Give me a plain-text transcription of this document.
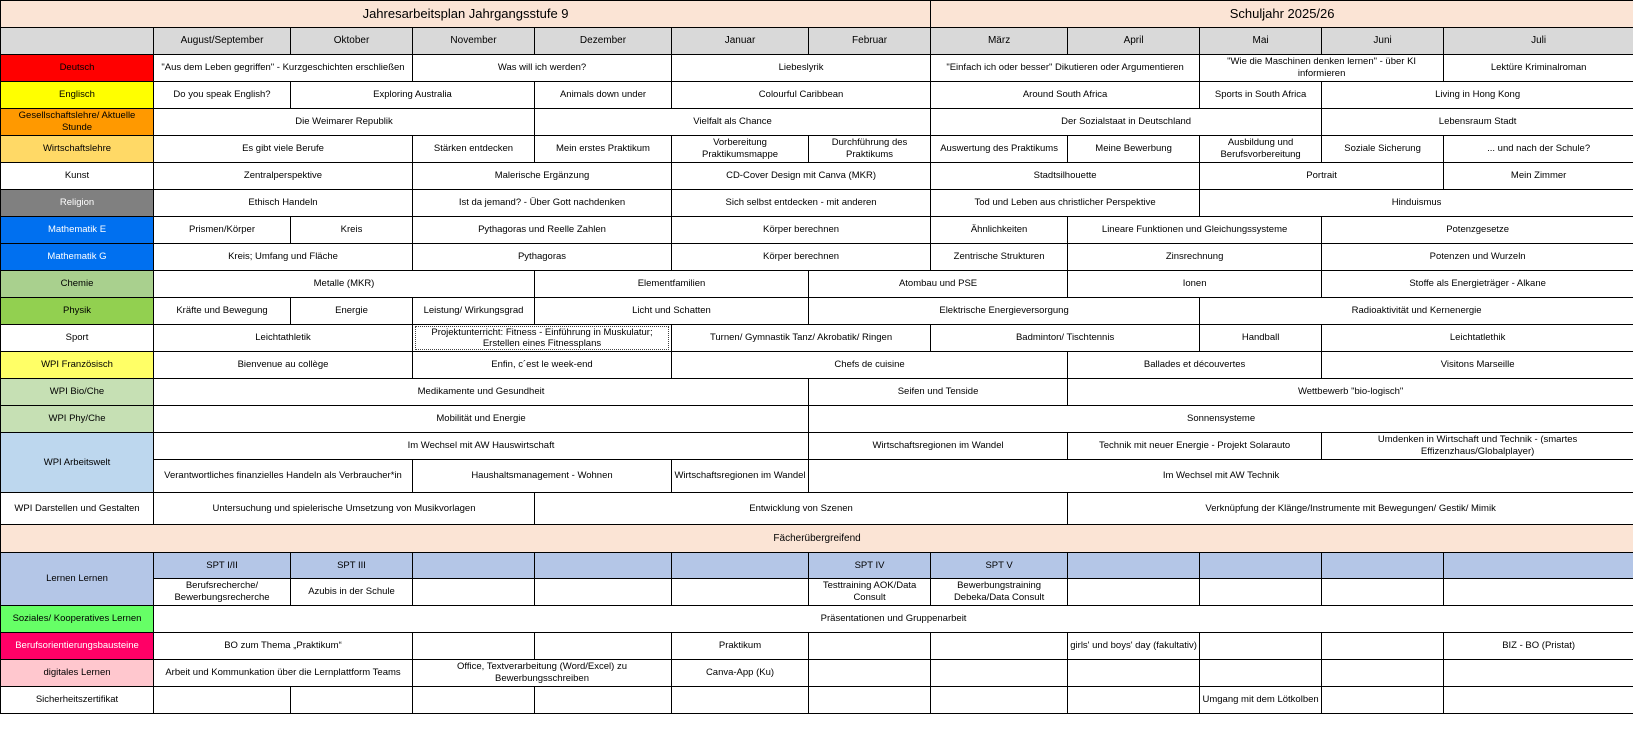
Jahresarbeitsplan Jahrgangsstufe 9							Schuljahr 2025/26				
	August/September	Oktober	November	Dezember	Januar	Februar	März	April	Mai	Juni	Juli
Deutsch	"Aus dem Leben gegriffen" - Kurzgeschichten erschließen		Was will ich werden?		Liebeslyrik		"Einfach ich oder besser" Dikutieren oder Argumentieren		"Wie die Maschinen denken lernen" - über KI informieren		Lektüre Kriminalroman
Englisch	Do you speak English?	Exploring Australia		Animals down under	Colourful Caribbean		Around South Africa		Sports in South Africa	Living in Hong Kong	
Gesellschaftslehre/ Aktuelle Stunde	Die Weimarer Republik			Vielfalt als Chance			Der Sozialstaat in Deutschland			Lebensraum Stadt	
Wirtschaftslehre	Es gibt viele Berufe		Stärken entdecken	Mein erstes Praktikum	Vorbereitung Praktikumsmappe	Durchführung des Praktikums	Auswertung des Praktikums	Meine Bewerbung	Ausbildung und Berufsvorbereitung	Soziale Sicherung	... und nach der Schule?
Kunst	Zentralperspektive		Malerische Ergänzung		CD-Cover Design mit Canva (MKR)		Stadtsilhouette		Portrait		Mein Zimmer
Religion	Ethisch Handeln		Ist da jemand? - Über Gott nachdenken		Sich selbst entdecken - mit anderen		Tod und Leben aus christlicher Perspektive		Hinduismus		
Mathematik E	Prismen/Körper	Kreis	Pythagoras und Reelle Zahlen		Körper berechnen		Ähnlichkeiten	Lineare Funktionen und Gleichungssysteme		Potenzgesetze	
Mathematik G	Kreis; Umfang und Fläche		Pythagoras		Körper berechnen		Zentrische Strukturen	Zinsrechnung		Potenzen und Wurzeln	
Chemie	Metalle (MKR)			Elementfamilien		Atombau und PSE		Ionen		Stoffe als Energieträger - Alkane	
Physik	Kräfte und Bewegung	Energie	Leistung/ Wirkungsgrad	Licht und Schatten		Elektrische Energieversorgung			Radioaktivität und Kernenergie		
Sport	Leichtathletik		Projektunterricht: Fitness - Einführung in Muskulatur; Erstellen eines Fitnessplans		Turnen/ Gymnastik Tanz/ Akrobatik/ Ringen		Badminton/ Tischtennis		Handball	Leichtatlethik	
WPI Französisch	Bienvenue au collège		Enfin, c´est le week-end		Chefs de cuisine			Ballades et découvertes		Visitons Marseille	
WPI Bio/Che	Medikamente und Gesundheit					Seifen und Tenside		Wettbewerb "bio-logisch"			
WPI Phy/Che	Mobilität und Energie					Sonnensysteme					
WPI Arbeitswelt	Im Wechsel mit AW Hauswirtschaft					Wirtschaftsregionen im Wandel		Technik mit neuer Energie - Projekt Solarauto		Umdenken in Wirtschaft und Technik - (smartes Effizenzhaus/Globalplayer)	
	Verantwortliches finanzielles Handeln als Verbraucher*in		Haushaltsmanagement - Wohnen		Wirtschaftsregionen im Wandel	Im Wechsel mit AW Technik					
WPI Darstellen und Gestalten	Untersuchung und spielerische Umsetzung von Musikvorlagen			Entwicklung von Szenen				Verknüpfung der Klänge/Instrumente mit Bewegungen/ Gestik/ Mimik			
Fächerübergreifend											
Lernen Lernen	SPT I/II	SPT III				SPT IV	SPT V				
	Berufsrecherche/ Bewerbungsrecherche	Azubis in der Schule				Testtraining AOK/Data Consult	Bewerbungstraining Debeka/Data Consult				
Soziales/ Kooperatives Lernen	Präsentationen und Gruppenarbeit										
Berufsorientierungsbausteine	BO zum Thema „Praktikum“				Praktikum			girls' und boys' day (fakultativ)			BIZ - BO (Pristat)
digitales Lernen	Arbeit und Kommunkation über die Lernplattform Teams		Office, Textverarbeitung (Word/Excel) zu Bewerbungsschreiben		Canva-App (Ku)						
Sicherheitszertifikat									Umgang mit dem Lötkolben		
